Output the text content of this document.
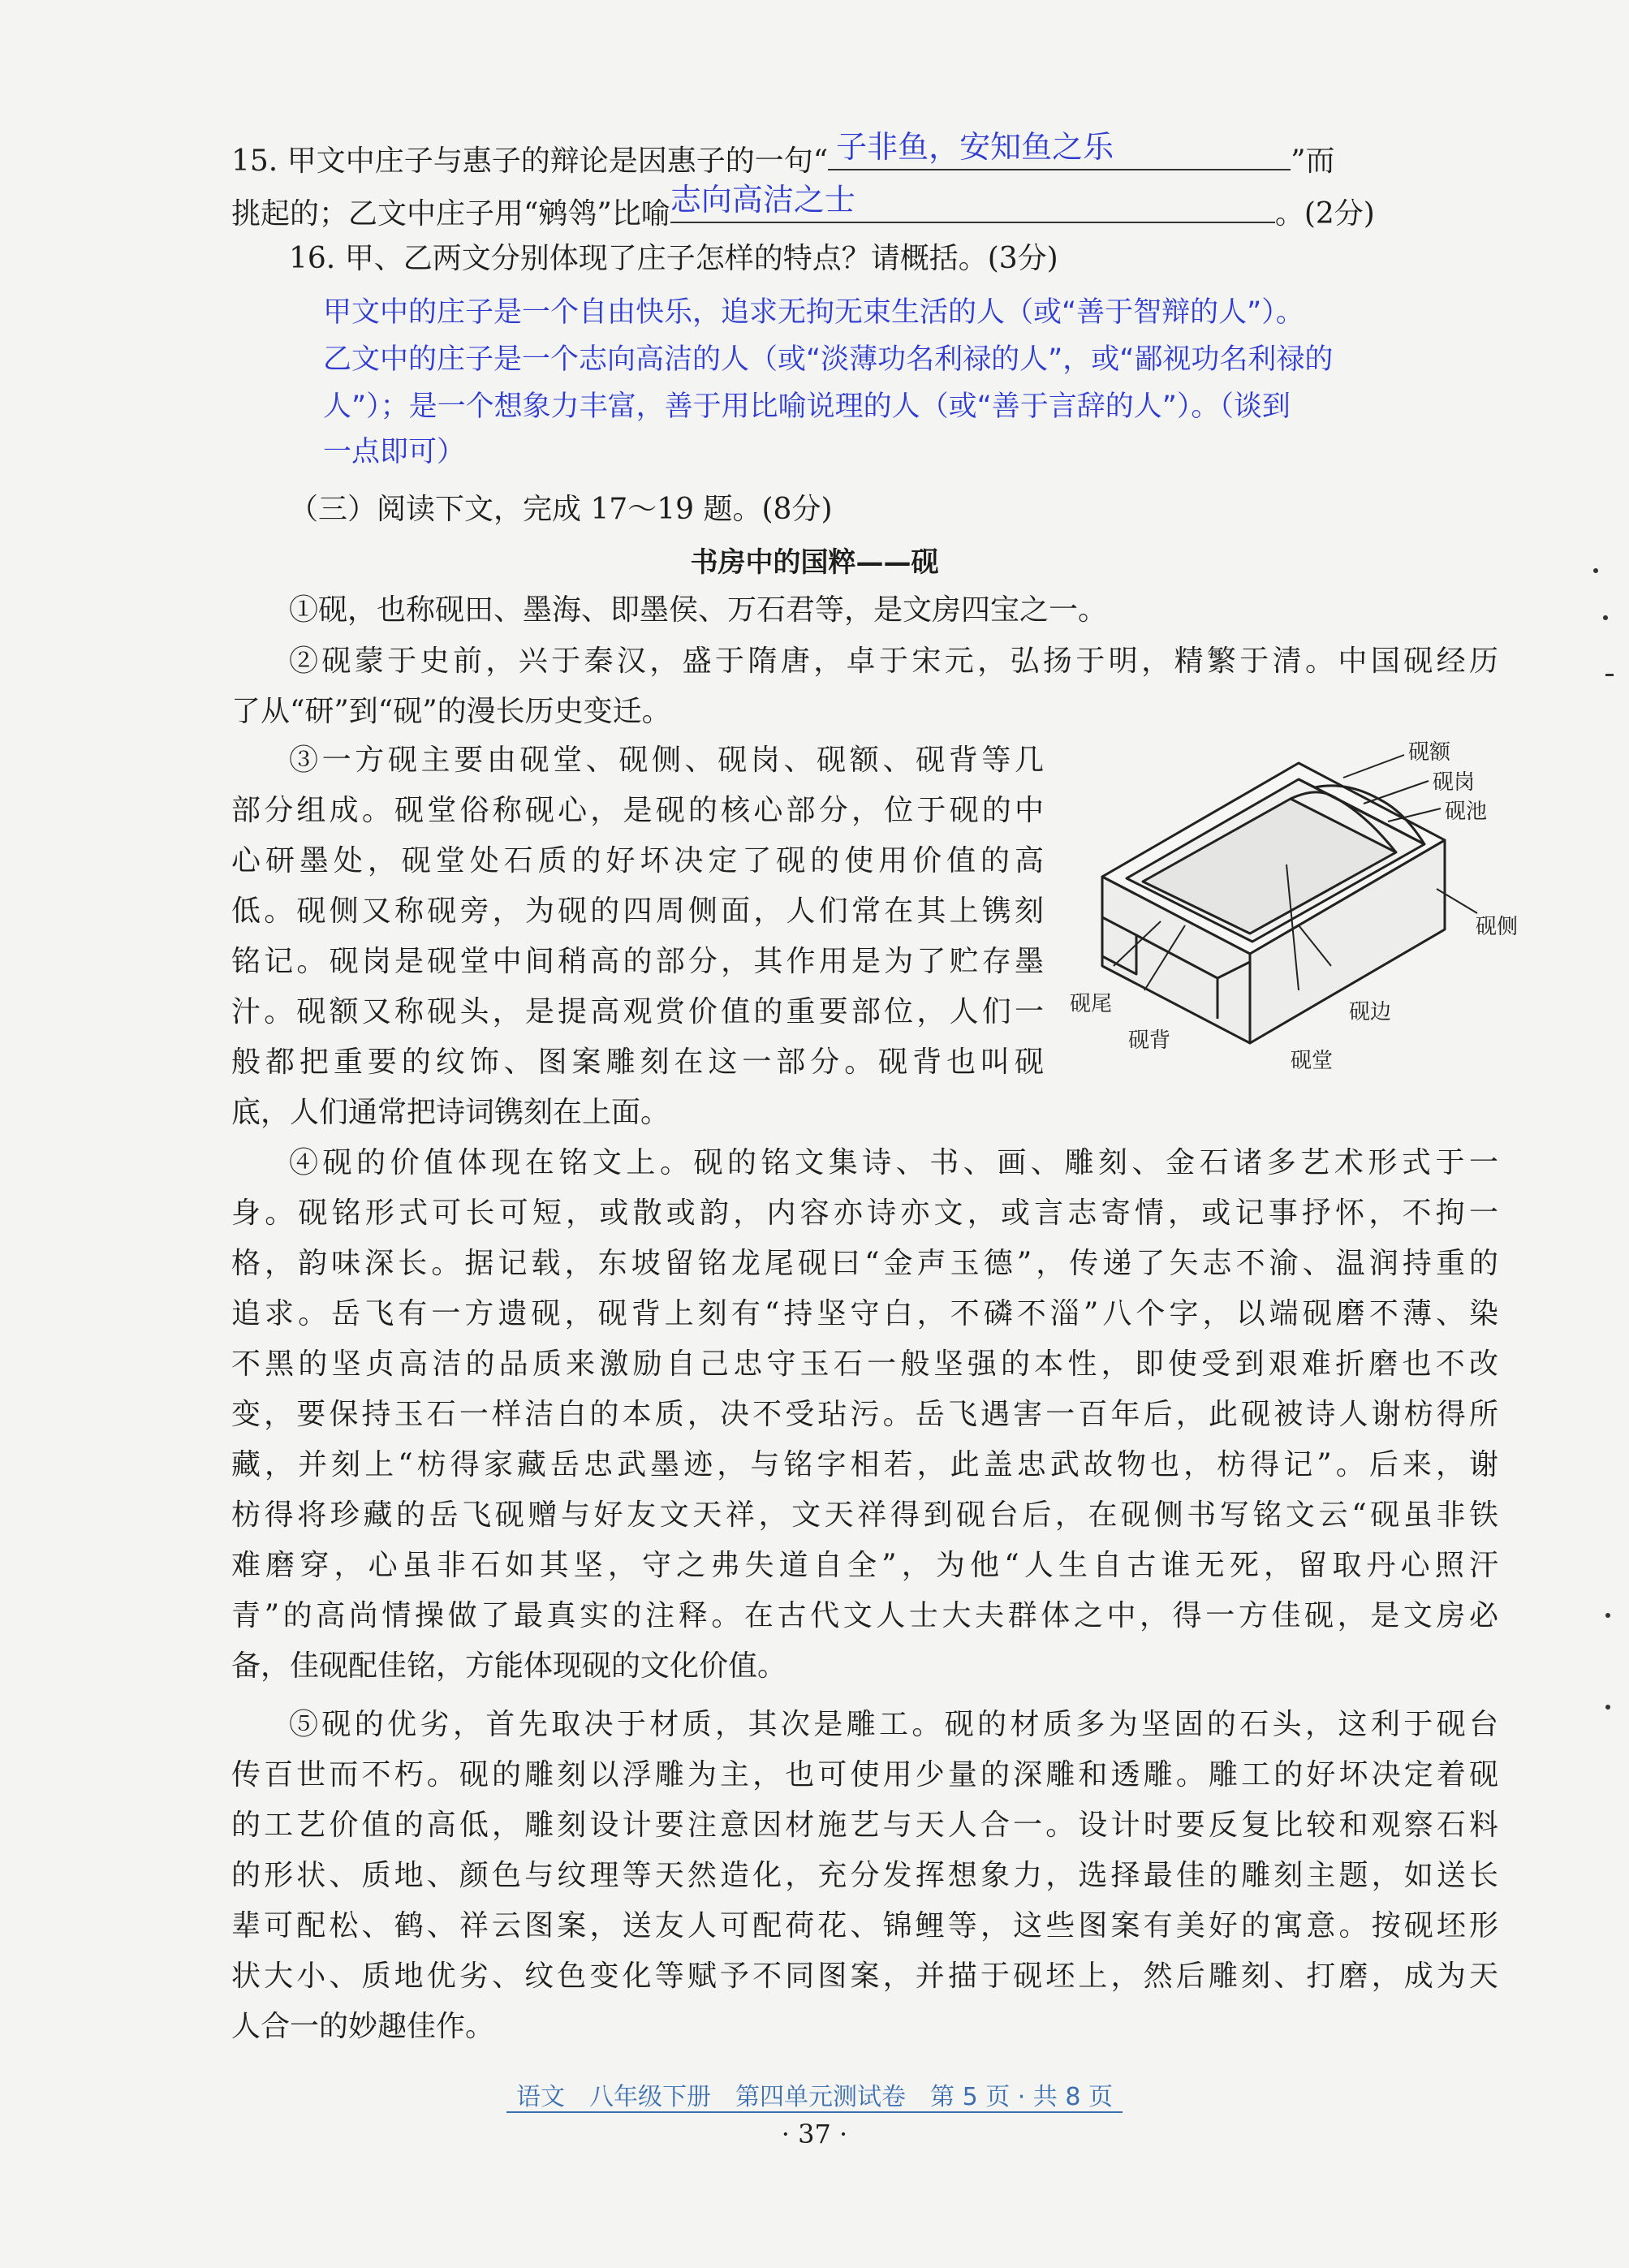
15. 甲文中庄子与惠子的辩论是因惠子的一句“ 子非鱼，安知鱼之乐	”而
挑起的；乙文中庄子用“鹓鸰”比喻 志向高洁之士	。(2分)
16. 甲、乙两文分别体现了庄子怎样的特点？请概括。(3分)
甲文中的庄子是一个自由快乐，追求无拘无束生活的人（或“善于智辩的人”）。
乙文中的庄子是一个志向高洁的人（或“淡薄功名利禄的人”，或“鄙视功名利禄的
人”）；是一个想象力丰富，善于用比喻说理的人（或“善于言辞的人”）。（谈到
一点即可）
（三）阅读下文，完成 17～19 题。(8分)
书房中的国粹——砚
①砚，也称砚田、墨海、即墨侯、万石君等，是文房四宝之一。
②砚蒙于史前，兴于秦汉，盛于隋唐，卓于宋元，弘扬于明，精繁于清。中国砚经历
了从“研”到“砚”的漫长历史变迁。
③一方砚主要由砚堂、砚侧、砚岗、砚额、砚背等几
部分组成。砚堂俗称砚心，是砚的核心部分，位于砚的中
心研墨处，砚堂处石质的好坏决定了砚的使用价值的高
低。砚侧又称砚旁，为砚的四周侧面，人们常在其上镌刻
铭记。砚岗是砚堂中间稍高的部分，其作用是为了贮存墨
汁。砚额又称砚头，是提高观赏价值的重要部位，人们一
般都把重要的纹饰、图案雕刻在这一部分。砚背也叫砚
底，人们通常把诗词镌刻在上面。
砚额
砚岗
砚池
砚侧
砚边
砚堂
砚尾
砚背
④砚的价值体现在铭文上。砚的铭文集诗、书、画、雕刻、金石诸多艺术形式于一
身。砚铭形式可长可短，或散或韵，内容亦诗亦文，或言志寄情，或记事抒怀，不拘一
格，韵味深长。据记载，东坡留铭龙尾砚曰“金声玉德”，传递了矢志不渝、温润持重的
追求。岳飞有一方遗砚，砚背上刻有“持坚守白，不磷不淄”八个字，以端砚磨不薄、染
不黑的坚贞高洁的品质来激励自己忠守玉石一般坚强的本性，即使受到艰难折磨也不改
变，要保持玉石一样洁白的本质，决不受玷污。岳飞遇害一百年后，此砚被诗人谢枋得所
藏，并刻上“枋得家藏岳忠武墨迹，与铭字相若，此盖忠武故物也，枋得记”。后来，谢
枋得将珍藏的岳飞砚赠与好友文天祥，文天祥得到砚台后，在砚侧书写铭文云“砚虽非铁
难磨穿，心虽非石如其坚，守之弗失道自全”，为他“人生自古谁无死，留取丹心照汗
青”的高尚情操做了最真实的注释。在古代文人士大夫群体之中，得一方佳砚，是文房必
备，佳砚配佳铭，方能体现砚的文化价值。
⑤砚的优劣，首先取决于材质，其次是雕工。砚的材质多为坚固的石头，这利于砚台
传百世而不朽。砚的雕刻以浮雕为主，也可使用少量的深雕和透雕。雕工的好坏决定着砚
的工艺价值的高低，雕刻设计要注意因材施艺与天人合一。设计时要反复比较和观察石料
的形状、质地、颜色与纹理等天然造化，充分发挥想象力，选择最佳的雕刻主题，如送长
辈可配松、鹤、祥云图案，送友人可配荷花、锦鲤等，这些图案有美好的寓意。按砚坯形
状大小、质地优劣、纹色变化等赋予不同图案，并描于砚坯上，然后雕刻、打磨，成为天
人合一的妙趣佳作。
语文　八年级下册　第四单元测试卷　第 5 页 · 共 8 页
· 37 ·
